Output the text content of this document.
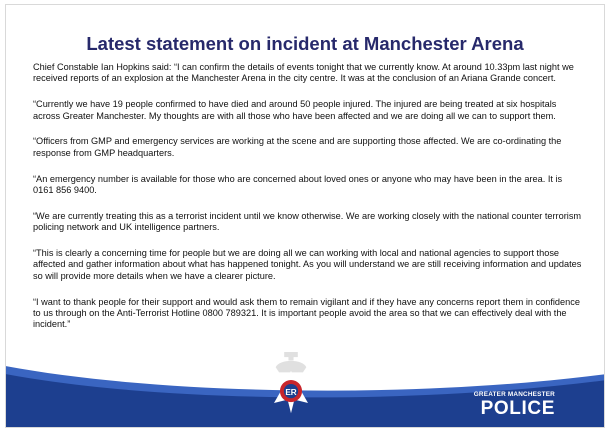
Latest statement on incident at Manchester Arena

Chief Constable Ian Hopkins said: “I can confirm the details of events tonight that we currently know. At around 10.33pm last night we received reports of an explosion at the Manchester Arena in the city centre. It was at the conclusion of an Ariana Grande concert.

“Currently we have 19 people confirmed to have died and around 50 people injured. The injured are being treated at six hospitals across Greater Manchester. My thoughts are with all those who have been affected and we are doing all we can to support them.

“Officers from GMP and emergency services are working at the scene and are supporting those affected. We are co-ordinating the response from GMP headquarters.

“An emergency number is available for those who are concerned about loved ones or anyone who may have been in the area. It is 0161 856 9400.

“We are currently treating this as a terrorist incident until we know otherwise. We are working closely with the national counter terrorism policing network and UK intelligence partners.

“This is clearly a concerning time for people but we are doing all we can working with local and national agencies to support those affected and gather information about what has happened tonight. As you will understand we are still receiving information and updates so will provide more details when we have a clearer picture.

“I want to thank people for their support and would ask them to remain vigilant and if they have any concerns report them in confidence to us through on the Anti-Terrorist Hotline 0800 789321. It is important people avoid the area so that we can effectively deal with the incident.”

GREATER MANCHESTER
POLICE
ER
